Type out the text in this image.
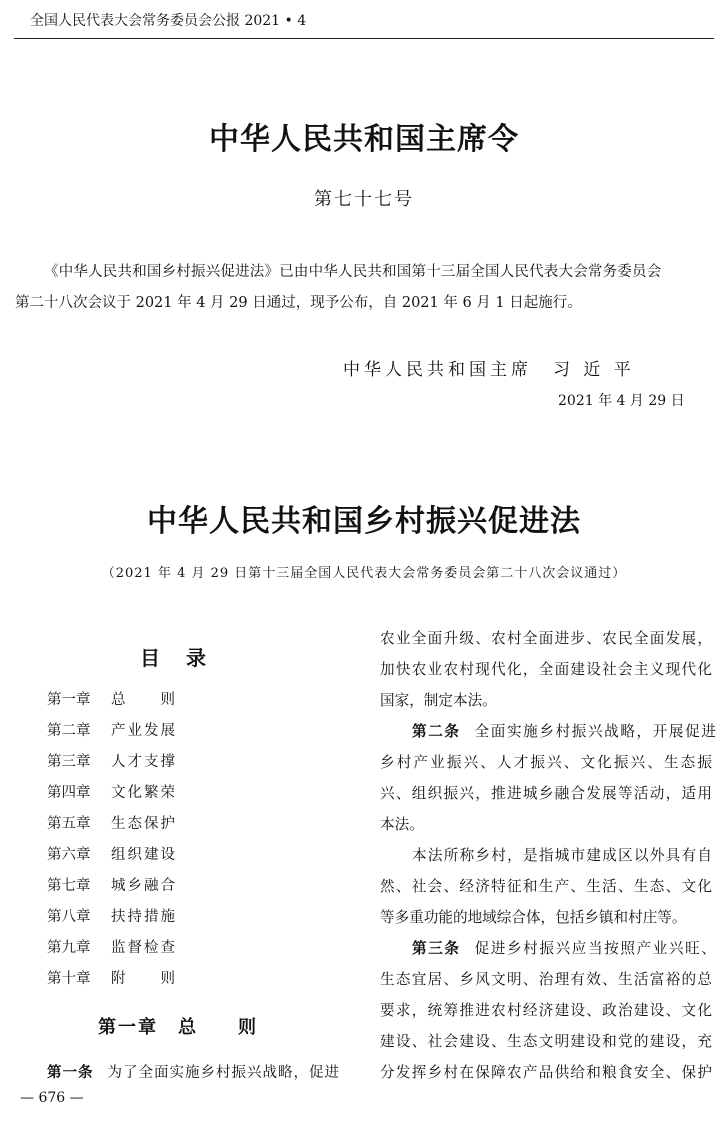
全国人民代表大会常务委员会公报 2021 • 4
中华人民共和国主席令
第七十七号
《中华人民共和国乡村振兴促进法》已由中华人民共和国第十三届全国人民代表大会常务委员会
第二十八次会议于 2021 年 4 月 29 日通过，现予公布，自 2021 年 6 月 1 日起施行。
中华人民共和国主席　习 近 平
2021 年 4 月 29 日
中华人民共和国乡村振兴促进法
（2021 年 4 月 29 日第十三届全国人民代表大会常务委员会第二十八次会议通过）
目录
第一章 总　　则
第二章 产业发展
第三章 人才支撑
第四章 文化繁荣
第五章 生态保护
第六章 组织建设
第七章 城乡融合
第八章 扶持措施
第九章 监督检查
第十章 附　　则
第一章　总　　则
第一条 为了全面实施乡村振兴战略，促进
农业全面升级、农村全面进步、农民全面发展，
加快农业农村现代化，全面建设社会主义现代化
国家，制定本法。
第二条 全面实施乡村振兴战略，开展促进
乡村产业振兴、人才振兴、文化振兴、生态振
兴、组织振兴，推进城乡融合发展等活动，适用
本法。
本法所称乡村，是指城市建成区以外具有自
然、社会、经济特征和生产、生活、生态、文化
等多重功能的地域综合体，包括乡镇和村庄等。
第三条 促进乡村振兴应当按照产业兴旺、
生态宜居、乡风文明、治理有效、生活富裕的总
要求，统筹推进农村经济建设、政治建设、文化
建设、社会建设、生态文明建设和党的建设，充
分发挥乡村在保障农产品供给和粮食安全、保护
— 676 —
